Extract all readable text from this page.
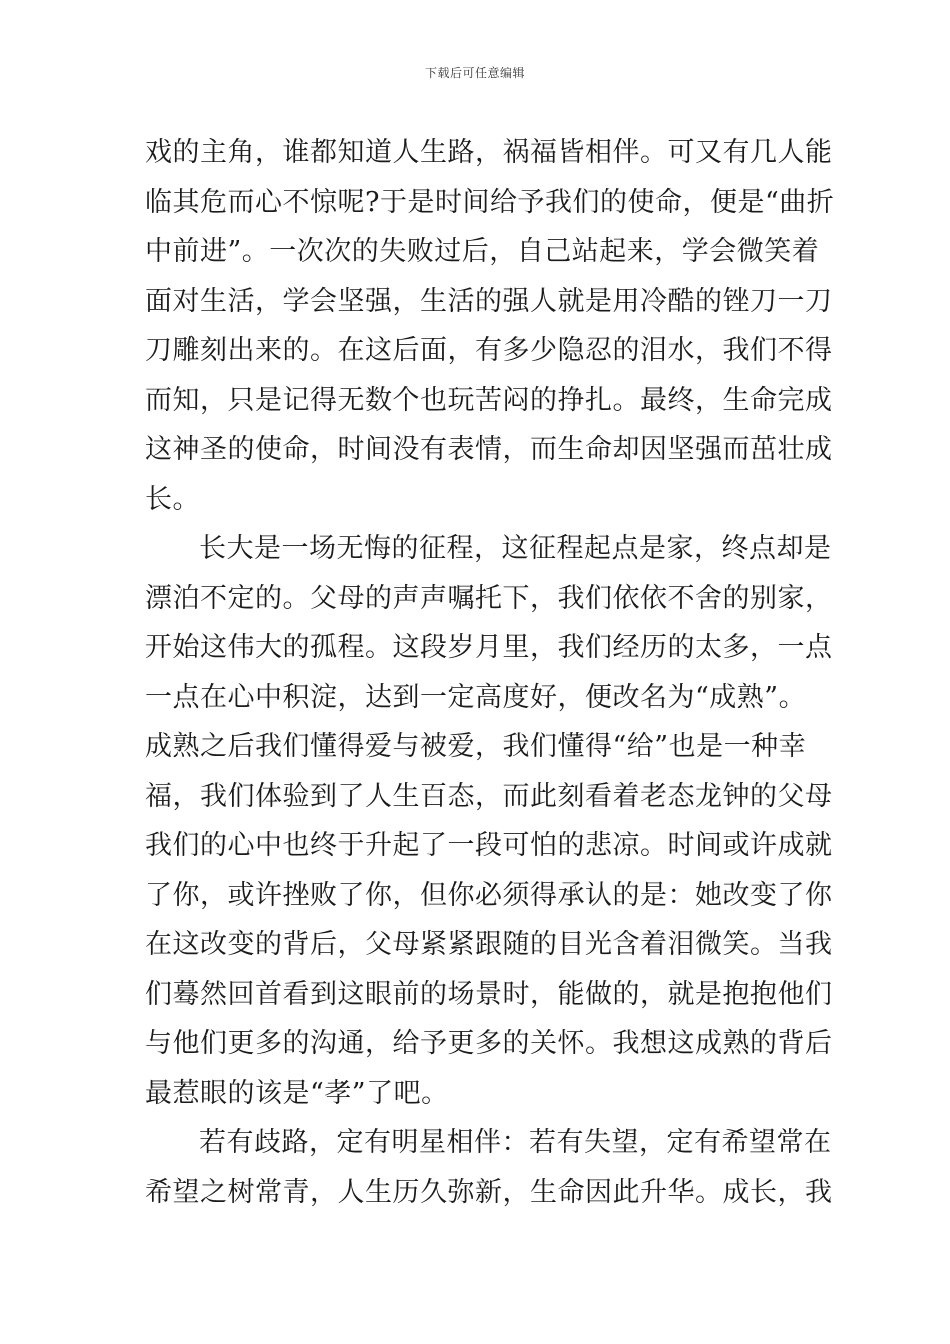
下载后可任意编辑
戏的主角，谁都知道人生路，祸福皆相伴。可又有几人能
临其危而心不惊呢?于是时间给予我们的使命，便是“曲折
中前进”。一次次的失败过后，自己站起来，学会微笑着
面对生活，学会坚强，生活的强人就是用冷酷的锉刀一刀
刀雕刻出来的。在这后面，有多少隐忍的泪水，我们不得
而知，只是记得无数个也玩苦闷的挣扎。最终，生命完成
这神圣的使命，时间没有表情，而生命却因坚强而茁壮成
长。
长大是一场无悔的征程，这征程起点是家，终点却是
漂泊不定的。父母的声声嘱托下，我们依依不舍的别家，
开始这伟大的孤程。这段岁月里，我们经历的太多，一点
一点在心中积淀，达到一定高度好，便改名为“成熟”。
成熟之后我们懂得爱与被爱，我们懂得“给”也是一种幸
福，我们体验到了人生百态，而此刻看着老态龙钟的父母
我们的心中也终于升起了一段可怕的悲凉。时间或许成就
了你，或许挫败了你，但你必须得承认的是：她改变了你
在这改变的背后，父母紧紧跟随的目光含着泪微笑。当我
们蓦然回首看到这眼前的场景时，能做的，就是抱抱他们
与他们更多的沟通，给予更多的关怀。我想这成熟的背后
最惹眼的该是“孝”了吧。
若有歧路，定有明星相伴：若有失望，定有希望常在
希望之树常青，人生历久弥新，生命因此升华。成长，我
